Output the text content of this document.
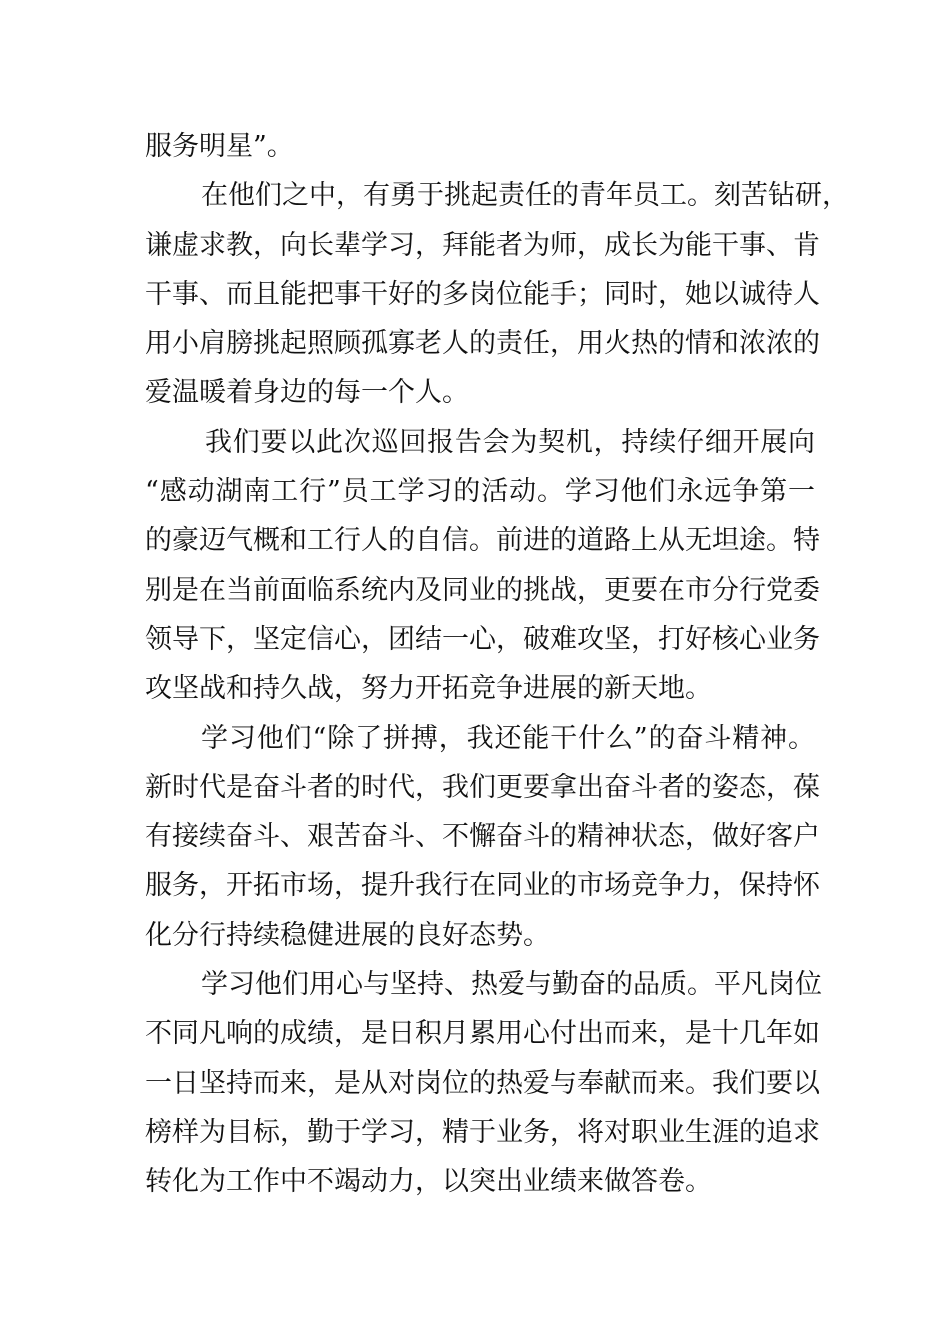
服务明星”。
在他们之中，有勇于挑起责任的青年员工。刻苦钻研，
谦虚求教，向长辈学习，拜能者为师，成长为能干事、肯
干事、而且能把事干好的多岗位能手；同时，她以诚待人
用小肩膀挑起照顾孤寡老人的责任，用火热的情和浓浓的
爱温暖着身边的每一个人。
我们要以此次巡回报告会为契机，持续仔细开展向
“感动湖南工行”员工学习的活动。学习他们永远争第一
的豪迈气概和工行人的自信。前进的道路上从无坦途。特
别是在当前面临系统内及同业的挑战，更要在市分行党委
领导下，坚定信心，团结一心，破难攻坚，打好核心业务
攻坚战和持久战，努力开拓竞争进展的新天地。
学习他们“除了拼搏，我还能干什么”的奋斗精神。
新时代是奋斗者的时代，我们更要拿出奋斗者的姿态，葆
有接续奋斗、艰苦奋斗、不懈奋斗的精神状态，做好客户
服务，开拓市场，提升我行在同业的市场竞争力，保持怀
化分行持续稳健进展的良好态势。
学习他们用心与坚持、热爱与勤奋的品质。平凡岗位
不同凡响的成绩，是日积月累用心付出而来，是十几年如
一日坚持而来，是从对岗位的热爱与奉献而来。我们要以
榜样为目标，勤于学习，精于业务，将对职业生涯的追求
转化为工作中不竭动力，以突出业绩来做答卷。
